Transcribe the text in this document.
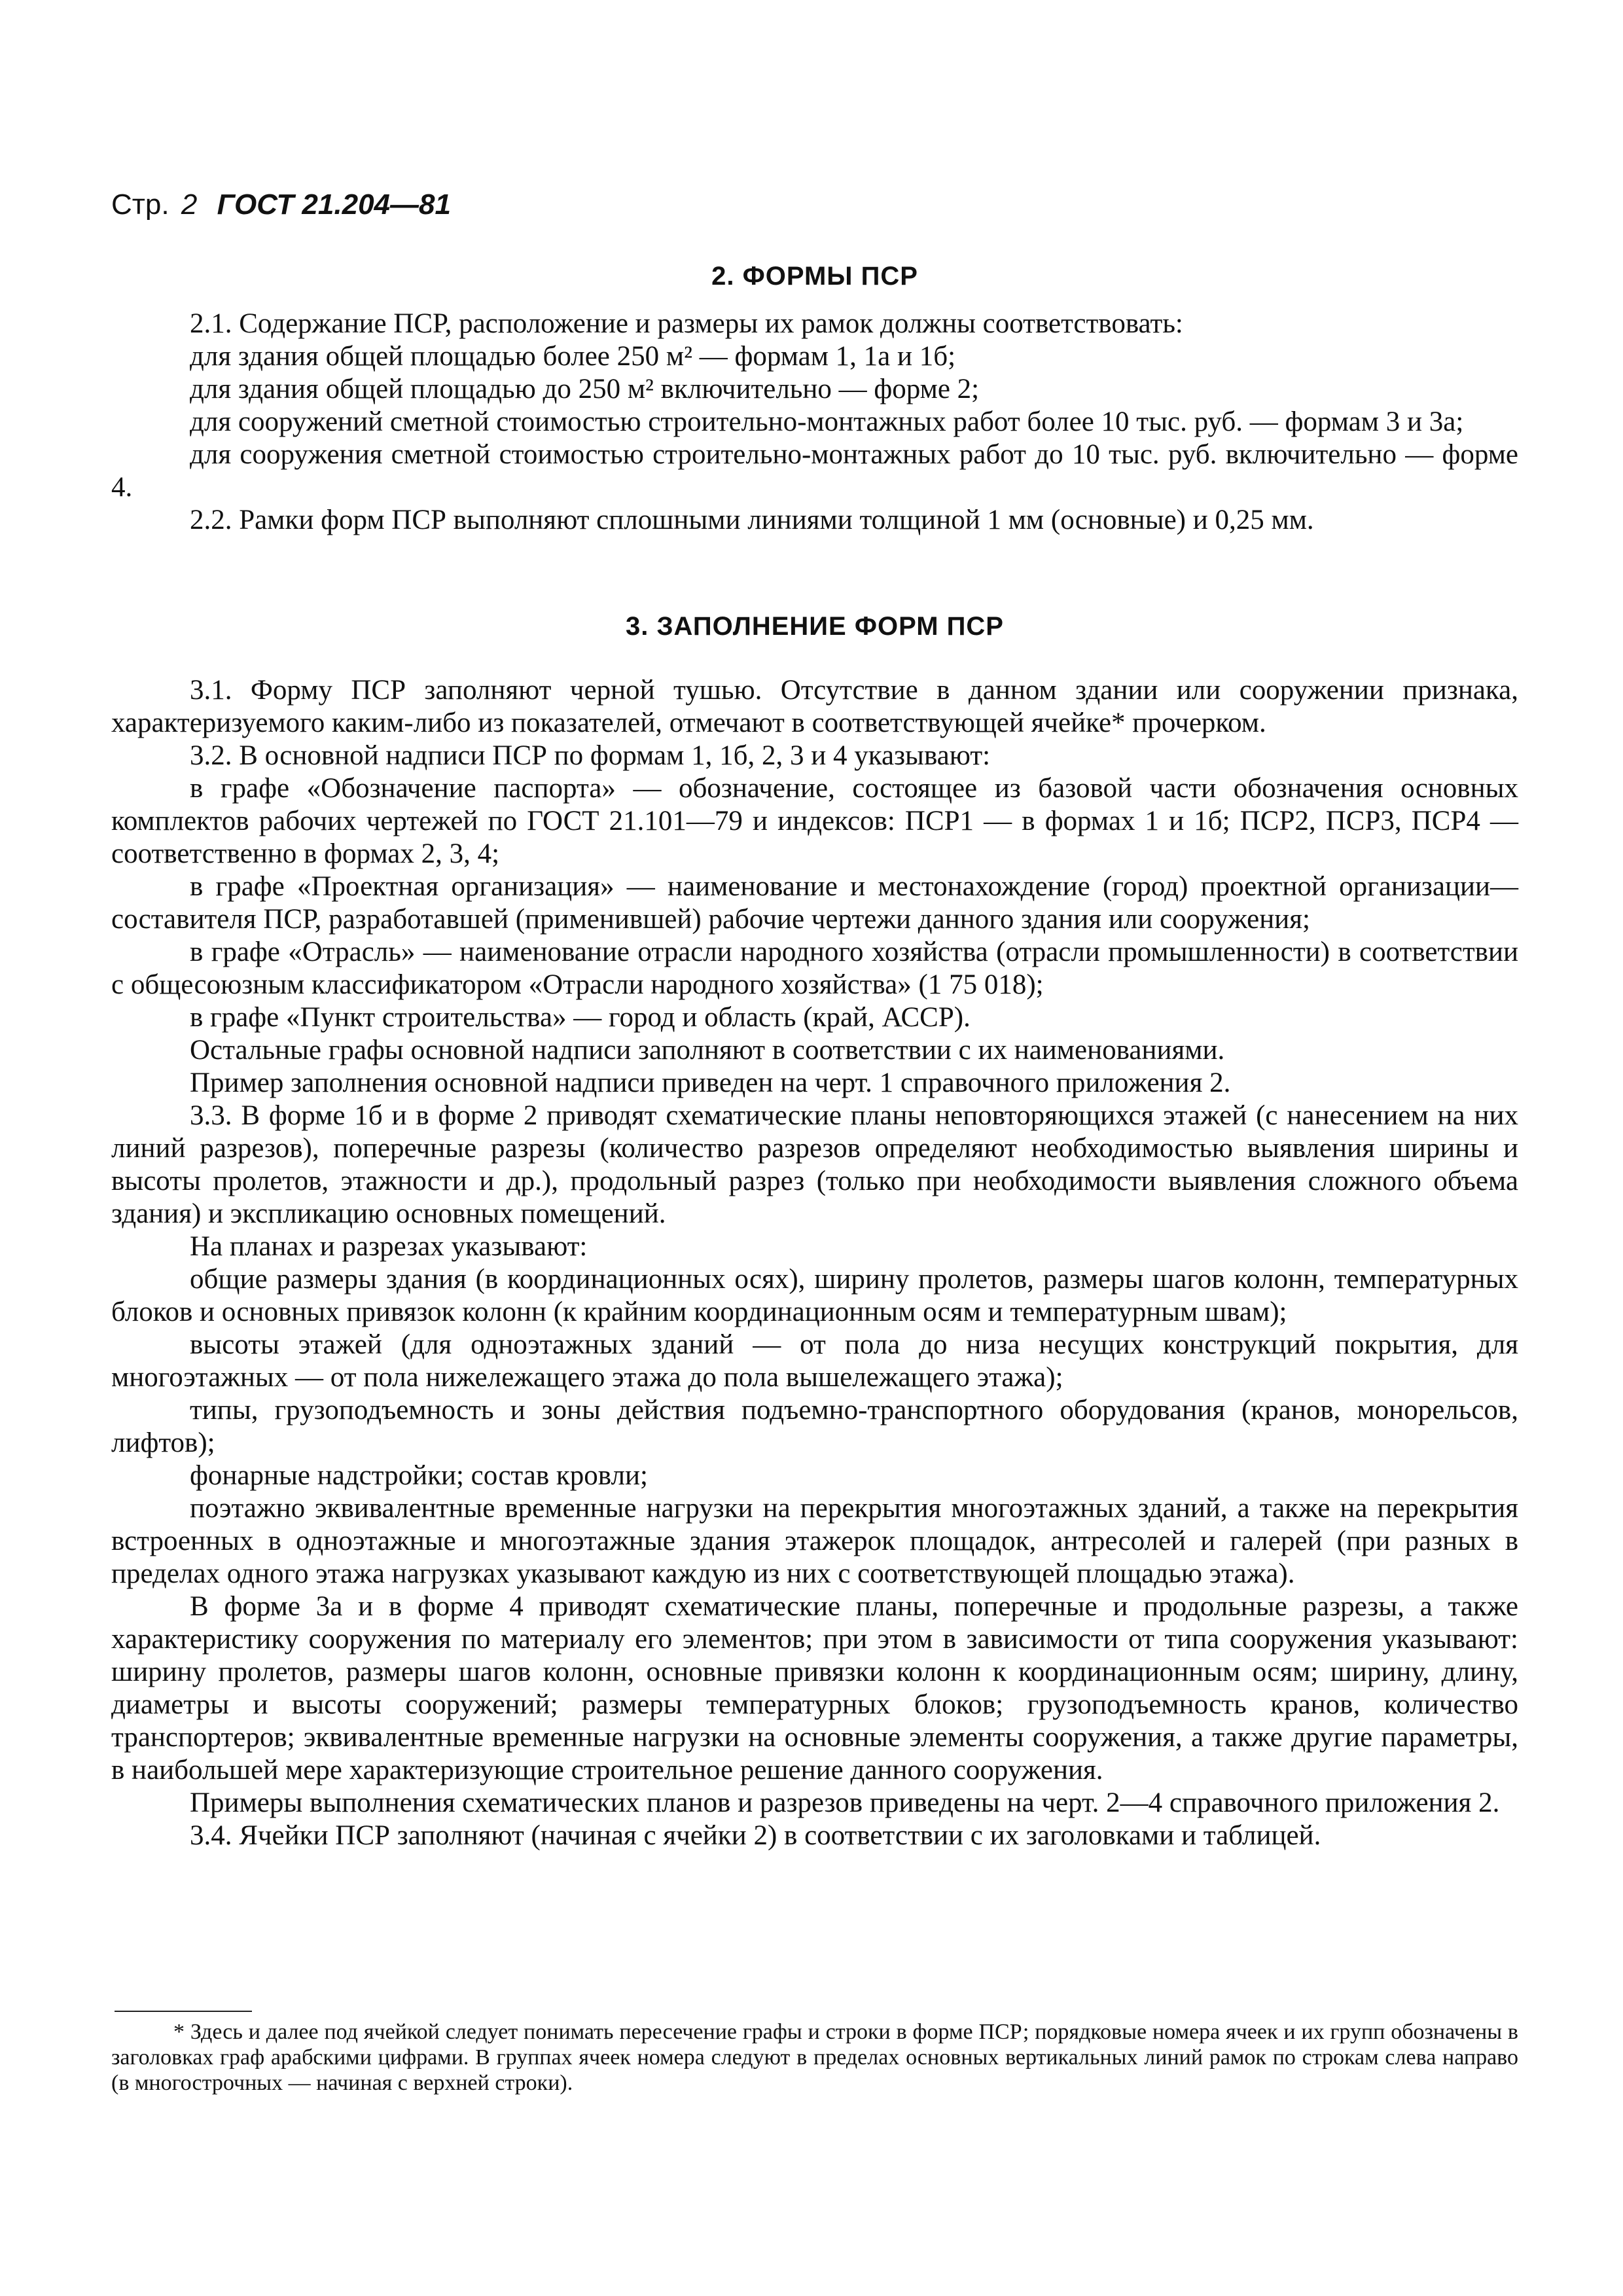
Стр. 2 ГОСТ 21.204—81
2. ФОРМЫ ПСР

2.1. Содержание ПСР, расположение и размеры их рамок должны соответствовать:

для здания общей площадью более 250 м² — формам 1, 1а и 1б;

для здания общей площадью до 250 м² включительно — форме 2;

для сооружений сметной стоимостью строительно-монтажных работ более 10 тыс. руб. — формам 3 и 3а;

для сооружения сметной стоимостью строительно-монтажных работ до 10 тыс. руб. включительно — форме 4.

2.2. Рамки форм ПСР выполняют сплошными линиями толщиной 1 мм (основные) и 0,25 мм.

3. ЗАПОЛНЕНИЕ ФОРМ ПСР

3.1. Форму ПСР заполняют черной тушью. Отсутствие в данном здании или сооружении признака, характеризуемого каким-либо из показателей, отмечают в соответствующей ячейке* прочерком.

3.2. В основной надписи ПСР по формам 1, 1б, 2, 3 и 4 указывают:

в графе «Обозначение паспорта» — обозначение, состоящее из базовой части обозначения основных комплектов рабочих чертежей по ГОСТ 21.101—79 и индексов: ПСР1 — в формах 1 и 1б; ПСР2, ПСР3, ПСР4 — соответственно в формах 2, 3, 4;

в графе «Проектная организация» — наименование и местонахождение (город) проектной организации—составителя ПСР, разработавшей (применившей) рабочие чертежи данного здания или сооружения;

в графе «Отрасль» — наименование отрасли народного хозяйства (отрасли промышленности) в соответствии с общесоюзным классификатором «Отрасли народного хозяйства» (1 75 018);

в графе «Пункт строительства» — город и область (край, АССР).

Остальные графы основной надписи заполняют в соответствии с их наименованиями.

Пример заполнения основной надписи приведен на черт. 1 справочного приложения 2.

3.3. В форме 1б и в форме 2 приводят схематические планы неповторяющихся этажей (с нанесением на них линий разрезов), поперечные разрезы (количество разрезов определяют необходимостью выявления ширины и высоты пролетов, этажности и др.), продольный разрез (только при необходимости выявления сложного объема здания) и экспликацию основных помещений.

На планах и разрезах указывают:

общие размеры здания (в координационных осях), ширину пролетов, размеры шагов колонн, температурных блоков и основных привязок колонн (к крайним координационным осям и температурным швам);

высоты этажей (для одноэтажных зданий — от пола до низа несущих конструкций покрытия, для многоэтажных — от пола нижележащего этажа до пола вышележащего этажа);

типы, грузоподъемность и зоны действия подъемно-транспортного оборудования (кранов, монорельсов, лифтов);

фонарные надстройки; состав кровли;

поэтажно эквивалентные временные нагрузки на перекрытия многоэтажных зданий, а также на перекрытия встроенных в одноэтажные и многоэтажные здания этажерок площадок, антресолей и галерей (при разных в пределах одного этажа нагрузках указывают каждую из них с соответствующей площадью этажа).

В форме 3а и в форме 4 приводят схематические планы, поперечные и продольные разрезы, а также характеристику сооружения по материалу его элементов; при этом в зависимости от типа сооружения указывают: ширину пролетов, размеры шагов колонн, основные привязки колонн к координационным осям; ширину, длину, диаметры и высоты сооружений; размеры температурных блоков; грузоподъемность кранов, количество транспортеров; эквивалентные временные нагрузки на основные элементы сооружения, а также другие параметры, в наибольшей мере характеризующие строительное решение данного сооружения.

Примеры выполнения схематических планов и разрезов приведены на черт. 2—4 справочного приложения 2.

3.4. Ячейки ПСР заполняют (начиная с ячейки 2) в соответствии с их заголовками и таблицей.

* Здесь и далее под ячейкой следует понимать пересечение графы и строки в форме ПСР; порядковые номера ячеек и их групп обозначены в заголовках граф арабскими цифрами. В группах ячеек номера следуют в пределах основных вертикальных линий рамок по строкам слева направо (в многострочных — начиная с верхней строки).
